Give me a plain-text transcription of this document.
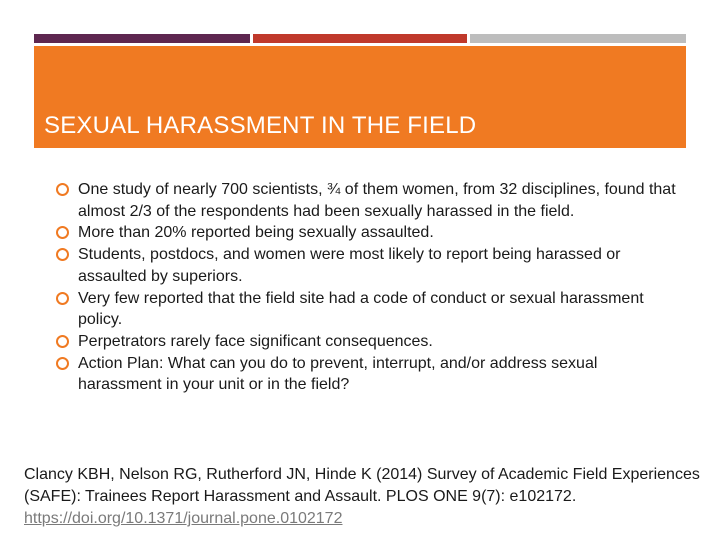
SEXUAL HARASSMENT IN THE FIELD
One study of nearly 700 scientists, ¾ of them women, from 32 disciplines, found that almost 2/3 of the respondents had been sexually harassed in the field.
More than 20% reported being sexually assaulted.
Students, postdocs, and women were most likely to report being harassed or assaulted by superiors.
Very few reported that the field site had a code of conduct or sexual harassment policy.
Perpetrators rarely face significant consequences.
Action Plan: What can you do to prevent, interrupt, and/or address sexual harassment in your unit or in the field?
Clancy KBH, Nelson RG, Rutherford JN, Hinde K (2014) Survey of Academic Field Experiences (SAFE): Trainees Report Harassment and Assault. PLOS ONE 9(7): e102172. https://doi.org/10.1371/journal.pone.0102172
